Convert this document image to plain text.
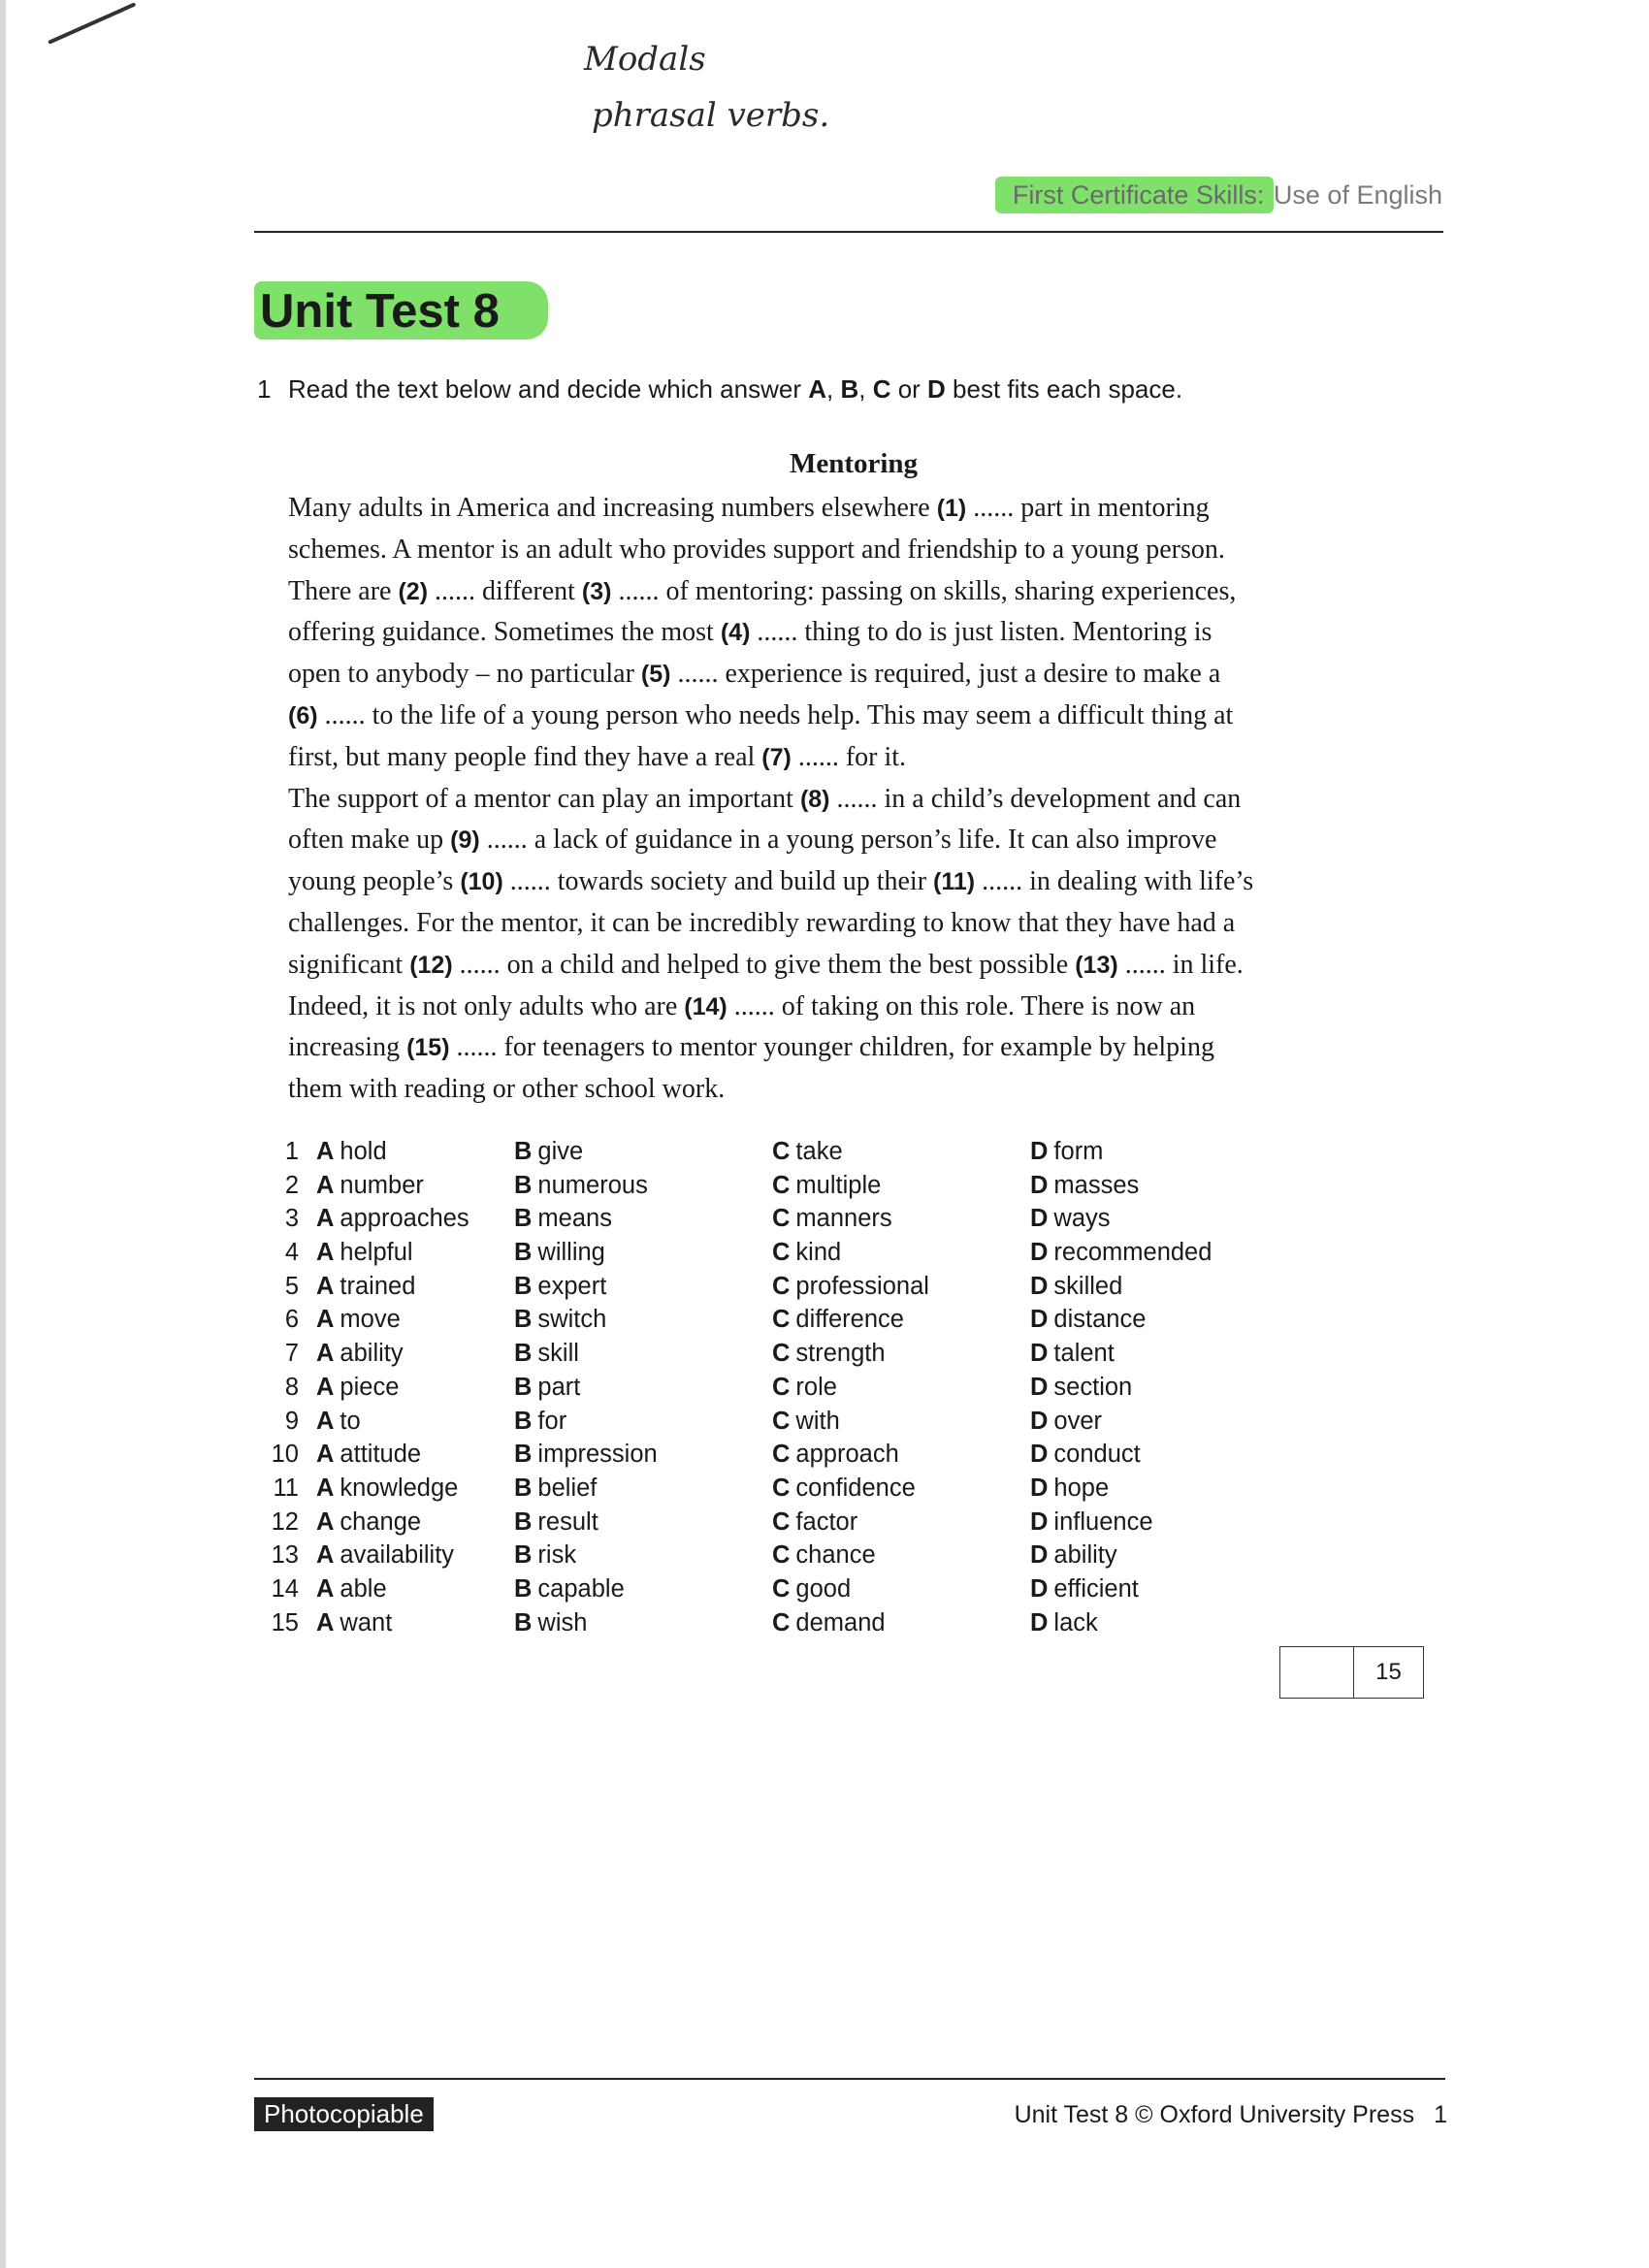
Modals
phrasal verbs.
First Certificate Skills: Use of English
Unit Test 8
1 Read the text below and decide which answer A, B, C or D best fits each space.
Mentoring

Many adults in America and increasing numbers elsewhere (1) ...... part in mentoring

schemes. A mentor is an adult who provides support and friendship to a young person.

There are (2) ...... different (3) ...... of mentoring: passing on skills, sharing experiences,

offering guidance. Sometimes the most (4) ...... thing to do is just listen. Mentoring is

open to anybody – no particular (5) ...... experience is required, just a desire to make a

(6) ...... to the life of a young person who needs help. This may seem a difficult thing at

first, but many people find they have a real (7) ...... for it.

The support of a mentor can play an important (8) ...... in a child’s development and can

often make up (9) ...... a lack of guidance in a young person’s life. It can also improve

young people’s (10) ...... towards society and build up their (11) ...... in dealing with life’s

challenges. For the mentor, it can be incredibly rewarding to know that they have had a

significant (12) ...... on a child and helped to give them the best possible (13) ...... in life.

Indeed, it is not only adults who are (14) ...... of taking on this role. There is now an

increasing (15) ...... for teenagers to mentor younger children, for example by helping

them with reading or other school work.

1 A hold	B give	C take	D form
2 A number	B numerous	C multiple	D masses
3 A approaches B means	C manners	D ways
4 A helpful	B willing	C kind	D recommended
5 A trained	B expert	C professional	D skilled
6 A move	B switch	C difference	D distance
7 A ability	B skill	C strength	D talent
8 A piece	B part	C role	D section
9 A to	B for	C with	D over
10 A attitude	B impression	C approach	D conduct
11 A knowledge B belief	C confidence	D hope
12 A change	B result	C factor	D influence
13 A availability B risk	C chance	D ability
14 A able	B capable	C good	D efficient
15 A want	B wish	C demand	D lack
15
Photocopiable	Unit Test 8 © Oxford University Press 1
